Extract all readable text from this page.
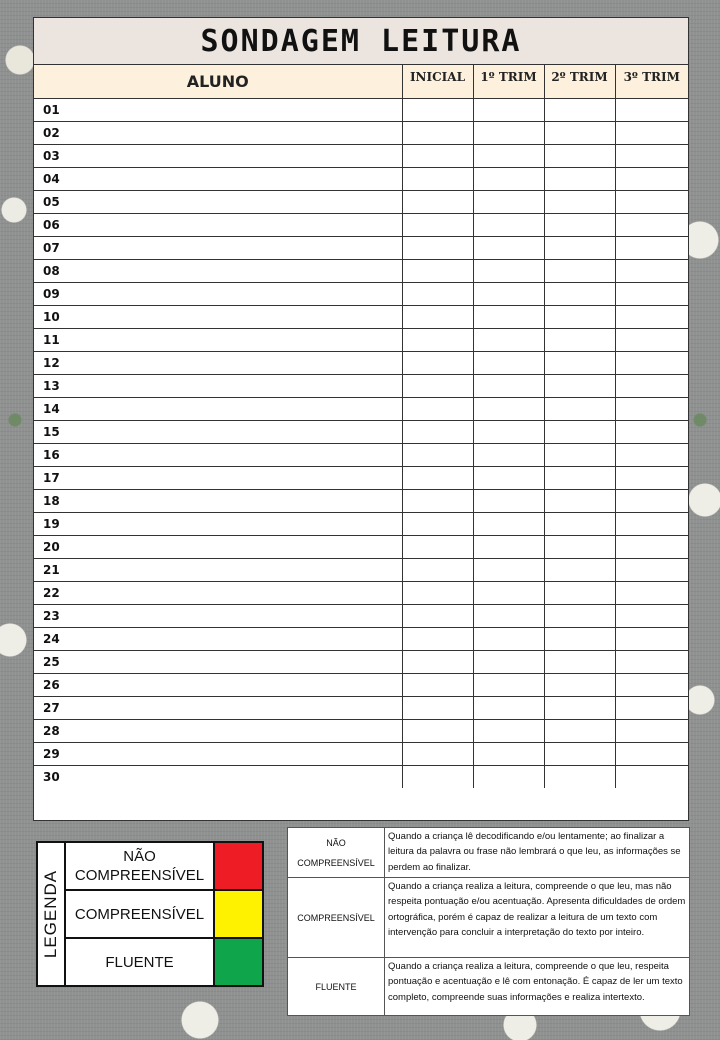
SONDAGEM LEITURA
ALUNO	INICIAL	1º TRIM	2º TRIM	3º TRIM
01				
02				
03				
04				
05				
06				
07				
08				
09				
10				
11				
12				
13				
14				
15				
16				
17				
18				
19				
20				
21				
22				
23				
24				
25				
26				
27				
28				
29				
30				
LEGENDA
NÃO COMPREENSÍVEL
COMPREENSÍVEL
FLUENTE
NÃO COMPREENSÍVEL	Quando a criança lê decodificando e/ou lentamente; ao finalizar a leitura da palavra ou frase não lembrará o que leu, as informações se perdem ao finalizar.
COMPREENSÍVEL	Quando a criança realiza a leitura, compreende o que leu, mas não respeita pontuação e/ou acentuação. Apresenta dificuldades de ordem ortográfica, porém é capaz de realizar a leitura de um texto com intervenção para concluir a interpretação do texto por inteiro.
FLUENTE	Quando a criança realiza a leitura, compreende o que leu, respeita pontuação e acentuação e lê com entonação. É capaz de ler um texto completo, compreende suas informações e realiza intertexto.
